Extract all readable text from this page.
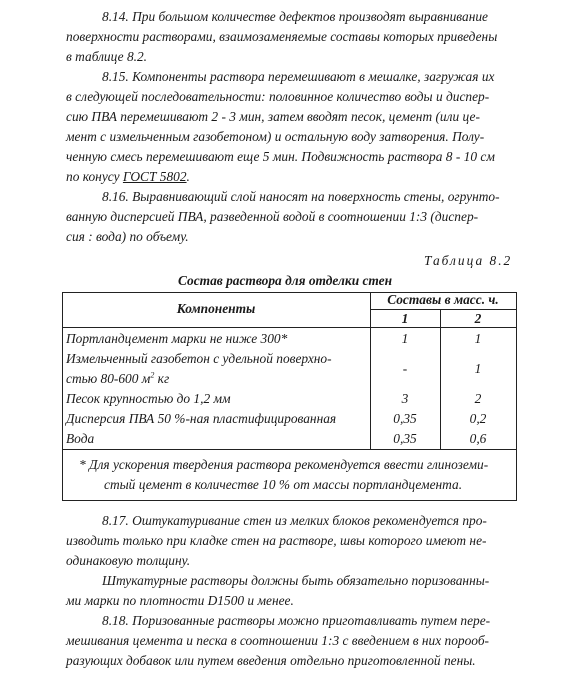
8.14. При большом количестве дефектов производят выравнивание
поверхности растворами, взаимозаменяемые составы которых приведены
в таблице 8.2.
8.15. Компоненты раствора перемешивают в мешалке, загружая их
в следующей последовательности: половинное количество воды и диспер-
сию ПВА перемешивают 2 - 3 мин, затем вводят песок, цемент (или це-
мент с измельченным газобетоном) и остальную воду затворения. Полу-
ченную смесь перемешивают еще 5 мин. Подвижность раствора 8 - 10 см
по конусу ГОСТ 5802.
8.16. Выравнивающий слой наносят на поверхность стены, огрунто-
ванную дисперсией ПВА, разведенной водой в соотношении 1:3 (диспер-
сия : вода) по объему.
Таблица 8.2
Состав раствора для отделки стен
Компоненты
Составы в масс. ч.
1	2
Портландцемент марки не ниже 300*	1	1
Измельченный газобетон с удельной поверхно-
стью 80-600 $м^2$ кг
-	1
Песок крупностью до 1,2 мм	3	2
Дисперсия ПВА 50 %-ная пластифицированная	0,35	0,2
Вода	0,35	0,6
* Для ускорения твердения раствора рекомендуется ввести глиноземи-
стый цемент в количестве 10 % от массы портландцемента.
8.17. Оштукатуривание стен из мелких блоков рекомендуется про-
изводить только при кладке стен на растворе, швы которого имеют не-
одинаковую толщину.
Штукатурные растворы должны быть обязательно поризованны-
ми марки по плотности D1500 и менее.
8.18. Поризованные растворы можно приготавливать путем пере-
мешивания цемента и песка в соотношении 1:3 с введением в них порооб-
разующих добавок или путем введения отдельно приготовленной пены.
